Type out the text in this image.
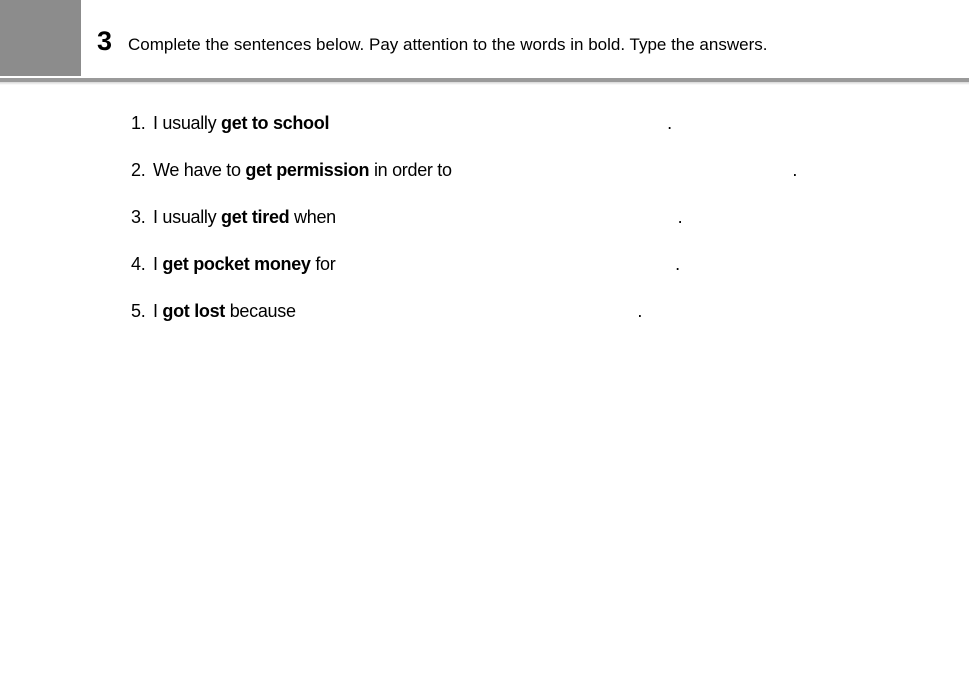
3 Complete the sentences below. Pay attention to the words in bold. Type the answers.
1. I usually get to school	.
2. We have to get permission in order to	.
3. I usually get tired when	.
4. I get pocket money for	.
5. I got lost because	.
